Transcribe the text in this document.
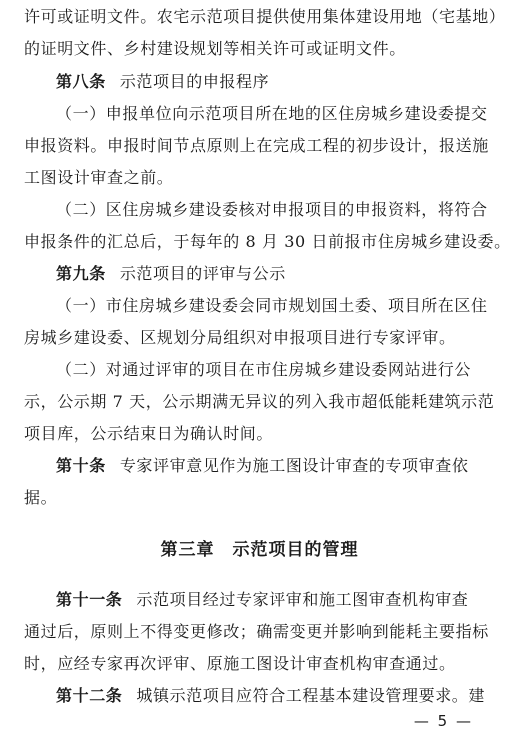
许可或证明文件。农宅示范项目提供使用集体建设用地（宅基地）
的证明文件、乡村建设规划等相关许可或证明文件。
第八条 示范项目的申报程序
（一）申报单位向示范项目所在地的区住房城乡建设委提交
申报资料。申报时间节点原则上在完成工程的初步设计，报送施
工图设计审查之前。
（二）区住房城乡建设委核对申报项目的申报资料，将符合
申报条件的汇总后，于每年的 8 月 30 日前报市住房城乡建设委。
第九条 示范项目的评审与公示
（一）市住房城乡建设委会同市规划国土委、项目所在区住
房城乡建设委、区规划分局组织对申报项目进行专家评审。
（二）对通过评审的项目在市住房城乡建设委网站进行公
示，公示期 7 天，公示期满无异议的列入我市超低能耗建筑示范
项目库，公示结束日为确认时间。
第十条 专家评审意见作为施工图设计审查的专项审查依
据。
第三章 示范项目的管理
第十一条 示范项目经过专家评审和施工图审查机构审查
通过后，原则上不得变更修改；确需变更并影响到能耗主要指标
时，应经专家再次评审、原施工图设计审查机构审查通过。
第十二条 城镇示范项目应符合工程基本建设管理要求。建
— 5 —
